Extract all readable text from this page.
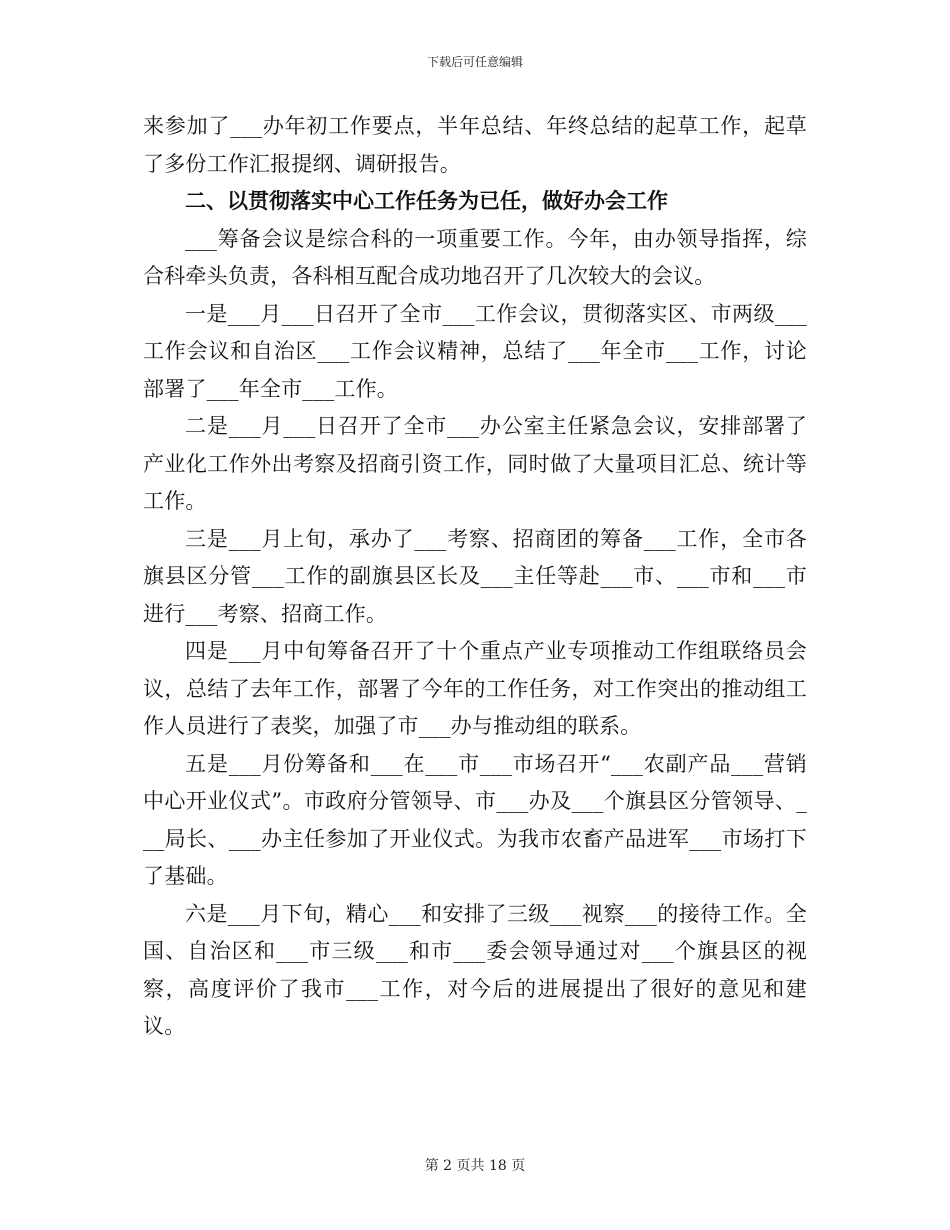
下载后可任意编辑

来参加了___办年初工作要点，半年总结、年终总结的起草工作，起草了多份工作汇报提纲、调研报告。

二、以贯彻落实中心工作任务为已任，做好办会工作

___筹备会议是综合科的一项重要工作。今年，由办领导指挥，综合科牵头负责，各科相互配合成功地召开了几次较大的会议。

一是___月___日召开了全市___工作会议，贯彻落实区、市两级___工作会议和自治区___工作会议精神，总结了___年全市___工作，讨论部署了___年全市___工作。

二是___月___日召开了全市___办公室主任紧急会议，安排部署了产业化工作外出考察及招商引资工作，同时做了大量项目汇总、统计等工作。

三是___月上旬，承办了___考察、招商团的筹备___工作，全市各旗县区分管___工作的副旗县区长及___主任等赴___市、___市和___市进行___考察、招商工作。

四是___月中旬筹备召开了十个重点产业专项推动工作组联络员会议，总结了去年工作，部署了今年的工作任务，对工作突出的推动组工作人员进行了表奖，加强了市___办与推动组的联系。

五是___月份筹备和___在___市___市场召开“___农副产品___营销中心开业仪式”。市政府分管领导、市___办及___个旗县区分管领导、___局长、___办主任参加了开业仪式。为我市农畜产品进军___市场打下了基础。

六是___月下旬，精心___和安排了三级___视察___的接待工作。全国、自治区和___市三级___和市___委会领导通过对___个旗县区的视察，高度评价了我市___工作，对今后的进展提出了很好的意见和建议。

第 2 页共 18 页
